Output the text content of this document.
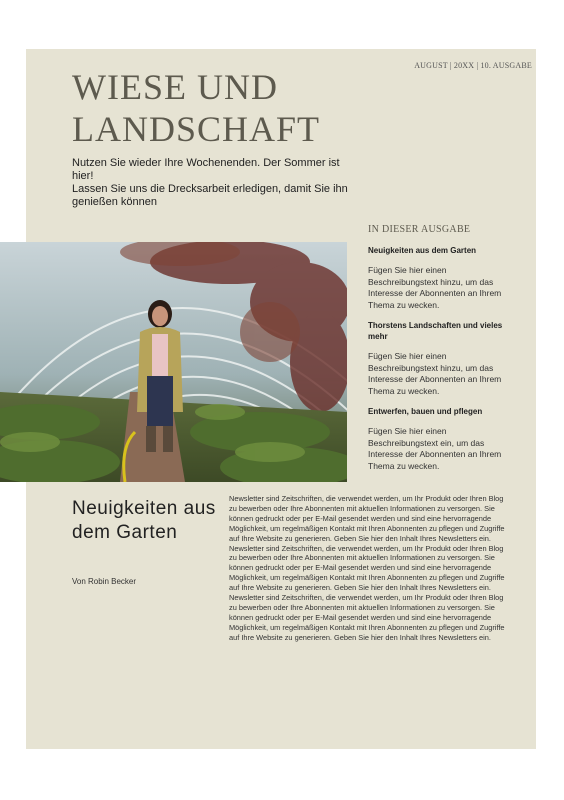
AUGUST | 20XX | 10. AUSGABE
WIESE UND LANDSCHAFT
Nutzen Sie wieder Ihre Wochenenden. Der Sommer ist hier!
Lassen Sie uns die Drecksarbeit erledigen, damit Sie ihn genießen können
IN DIESER AUSGABE
Neuigkeiten aus dem Garten
Fügen Sie hier einen Beschreibungstext hinzu, um das Interesse der Abonnenten an Ihrem Thema zu wecken.
Thorstens Landschaften und vieles mehr
Fügen Sie hier einen Beschreibungstext hinzu, um das Interesse der Abonnenten an Ihrem Thema zu wecken.
Entwerfen, bauen und pflegen
Fügen Sie hier einen Beschreibungstext ein, um das Interesse der Abonnenten an Ihrem Thema zu wecken.
Neuigkeiten aus dem Garten
Von Robin Becker

Newsletter sind Zeitschriften, die verwendet werden, um Ihr Produkt oder Ihren Blog zu bewerben oder Ihre Abonnenten mit aktuellen Informationen zu versorgen. Sie können gedruckt oder per E-Mail gesendet werden und sind eine hervorragende Möglichkeit, um regelmäßigen Kontakt mit Ihren Abonnenten zu pflegen und Zugriffe auf Ihre Website zu generieren. Geben Sie hier den Inhalt Ihres Newsletters ein.

Newsletter sind Zeitschriften, die verwendet werden, um Ihr Produkt oder Ihren Blog zu bewerben oder Ihre Abonnenten mit aktuellen Informationen zu versorgen. Sie können gedruckt oder per E-Mail gesendet werden und sind eine hervorragende Möglichkeit, um regelmäßigen Kontakt mit Ihren Abonnenten zu pflegen und Zugriffe auf Ihre Website zu generieren. Geben Sie hier den Inhalt Ihres Newsletters ein.

Newsletter sind Zeitschriften, die verwendet werden, um Ihr Produkt oder Ihren Blog zu bewerben oder Ihre Abonnenten mit aktuellen Informationen zu versorgen. Sie können gedruckt oder per E-Mail gesendet werden und sind eine hervorragende Möglichkeit, um regelmäßigen Kontakt mit Ihren Abonnenten zu pflegen und Zugriffe auf Ihre Website zu generieren. Geben Sie hier den Inhalt Ihres Newsletters ein.
